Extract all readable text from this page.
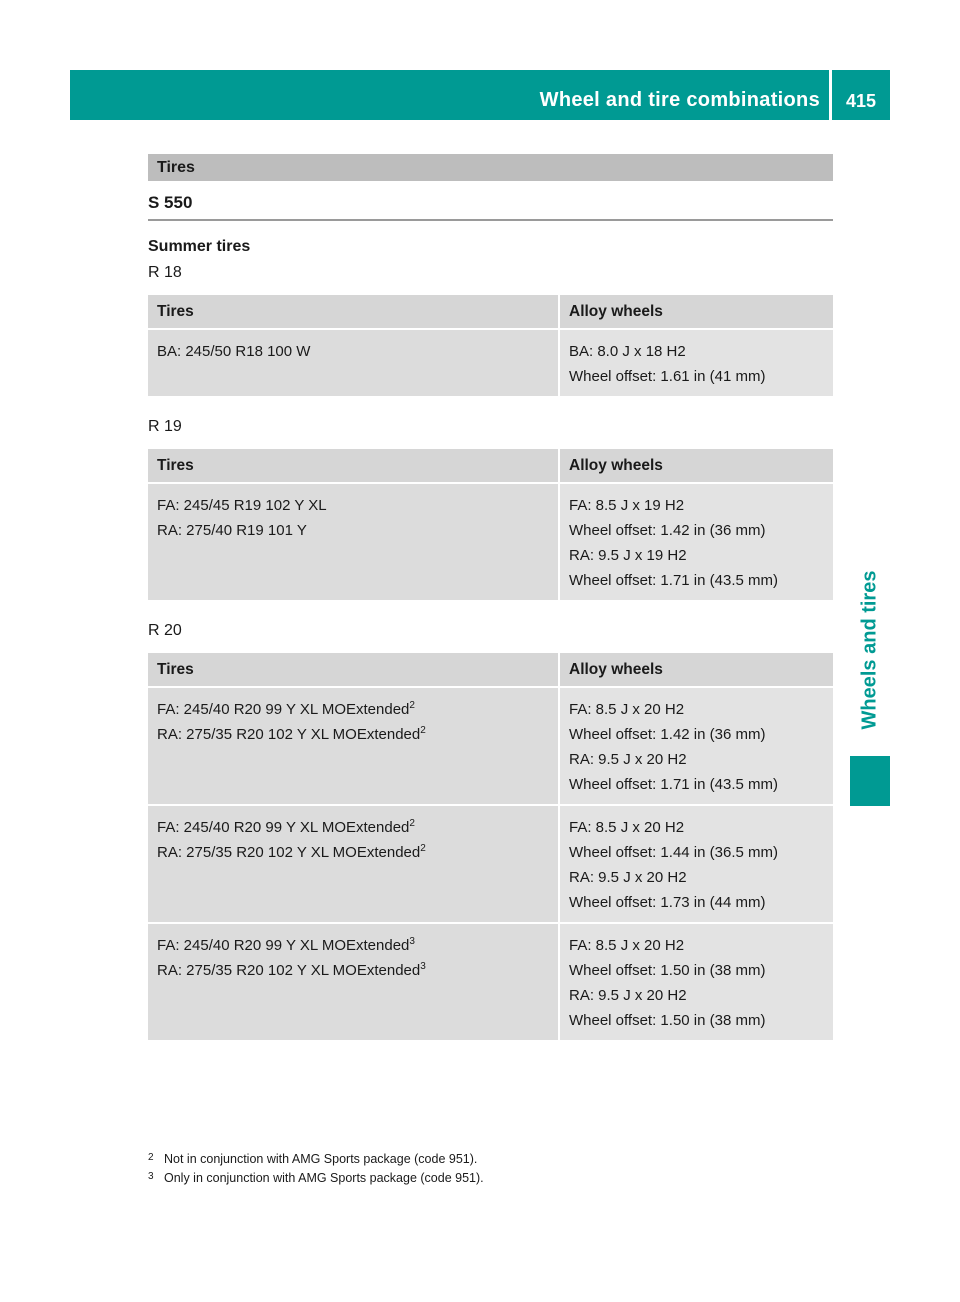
Wheel and tire combinations	415
Wheels and tires
Tires
S 550
Summer tires
R 18
Tires	Alloy wheels

BA: 245/50 R18 100 W	BA: 8.0 J x 18 H2
Wheel offset: 1.61 in (41 mm)
R 19
Tires	Alloy wheels

FA: 245/45 R19 102 Y XL
RA: 275/40 R19 101 Y	FA: 8.5 J x 19 H2
Wheel offset: 1.42 in (36 mm)
RA: 9.5 J x 19 H2
Wheel offset: 1.71 in (43.5 mm)
R 20
Tires	Alloy wheels

FA: 245/40 R20 99 Y XL MOExtended$^2$
RA: 275/35 R20 102 Y XL MOExtended$^2$	FA: 8.5 J x 20 H2
Wheel offset: 1.42 in (36 mm)
RA: 9.5 J x 20 H2
Wheel offset: 1.71 in (43.5 mm)

FA: 245/40 R20 99 Y XL MOExtended$^2$
RA: 275/35 R20 102 Y XL MOExtended$^2$	FA: 8.5 J x 20 H2
Wheel offset: 1.44 in (36.5 mm)
RA: 9.5 J x 20 H2
Wheel offset: 1.73 in (44 mm)

FA: 245/40 R20 99 Y XL MOExtended$^3$
RA: 275/35 R20 102 Y XL MOExtended$^3$	FA: 8.5 J x 20 H2
Wheel offset: 1.50 in (38 mm)
RA: 9.5 J x 20 H2
Wheel offset: 1.50 in (38 mm)
2 Not in conjunction with AMG Sports package (code 951).
3 Only in conjunction with AMG Sports package (code 951).
